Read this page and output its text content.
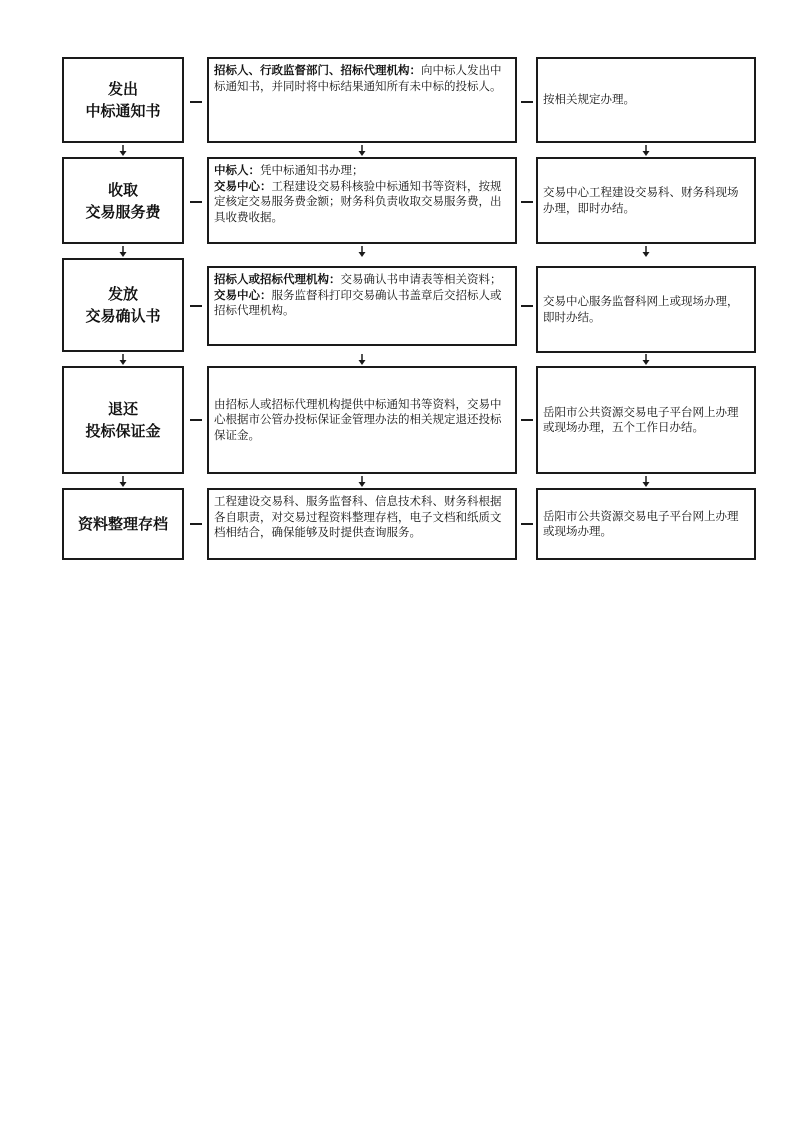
发出
中标通知书

招标人、行政监督部门、招标代理机构：向中标人发出中标通知书，并同时将中标结果通知所有未中标的投标人。

按相关规定办理。

收取
交易服务费

中标人：凭中标通知书办理；

交易中心：工程建设交易科核验中标通知书等资料，按规定核定交易服务费金额；财务科负责收取交易服务费，出具收费收据。

交易中心工程建设交易科、财务科现场办理，即时办结。

发放
交易确认书

招标人或招标代理机构：交易确认书申请表等相关资料；

交易中心：服务监督科打印交易确认书盖章后交招标人或招标代理机构。

交易中心服务监督科网上或现场办理，即时办结。

退还
投标保证金

由招标人或招标代理机构提供中标通知书等资料，交易中心根据市公管办投标保证金管理办法的相关规定退还投标保证金。

岳阳市公共资源交易电子平台网上办理或现场办理，五个工作日办结。

资料整理存档

工程建设交易科、服务监督科、信息技术科、财务科根据各自职责，对交易过程资料整理存档，电子文档和纸质文档相结合，确保能够及时提供查询服务。

岳阳市公共资源交易电子平台网上办理或现场办理。
